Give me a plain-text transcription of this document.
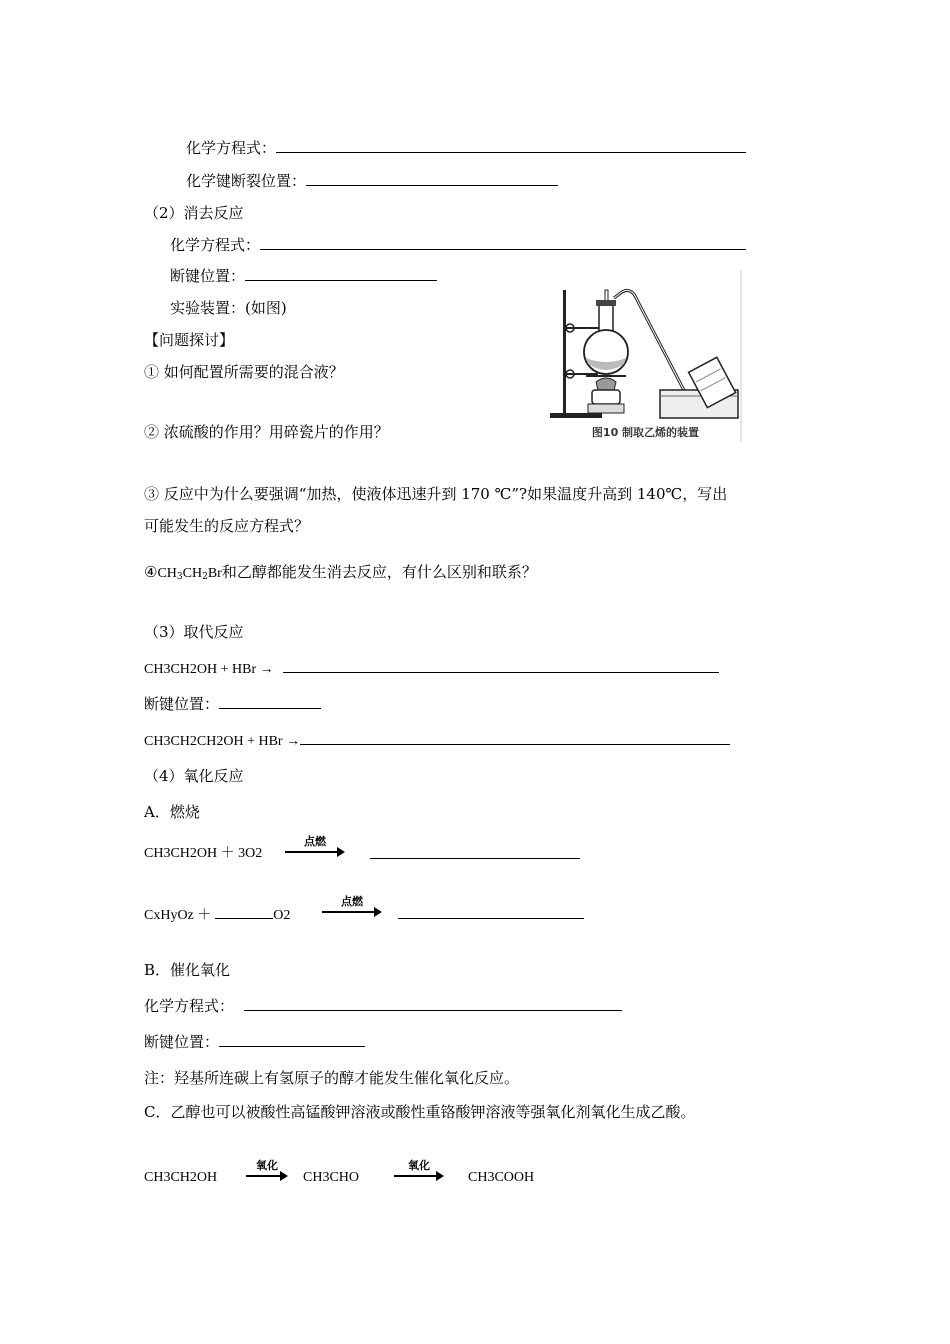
化学方程式：
化学键断裂位置：
（2）消去反应
化学方程式：
断键位置：
实验装置：(如图)
图10 制取乙烯的装置
【问题探讨】
① 如何配置所需要的混合液？
② 浓硫酸的作用？用碎瓷片的作用？
③ 反应中为什么要强调“加热，使液体迅速升到 170 ℃”?如果温度升高到 140℃，写出
可能发生的反应方程式？
$④CH_3CH_2Br$和乙醇都能发生消去反应，有什么区别和联系？
（3）取代反应
CH3CH2OH + HBr →
断键位置：
CH3CH2CH2OH + HBr →
（4）氧化反应
A．燃烧
CH3CH2OH ＋ 3O2
点燃
CxHyOz ＋	O2
点燃
B．催化氧化
化学方程式：
断键位置：
注：羟基所连碳上有氢原子的醇才能发生催化氧化反应。
C．乙醇也可以被酸性高锰酸钾溶液或酸性重铬酸钾溶液等强氧化剂氧化生成乙酸。
CH3CH2OH
氧化
CH3CHO
氧化
CH3COOH
